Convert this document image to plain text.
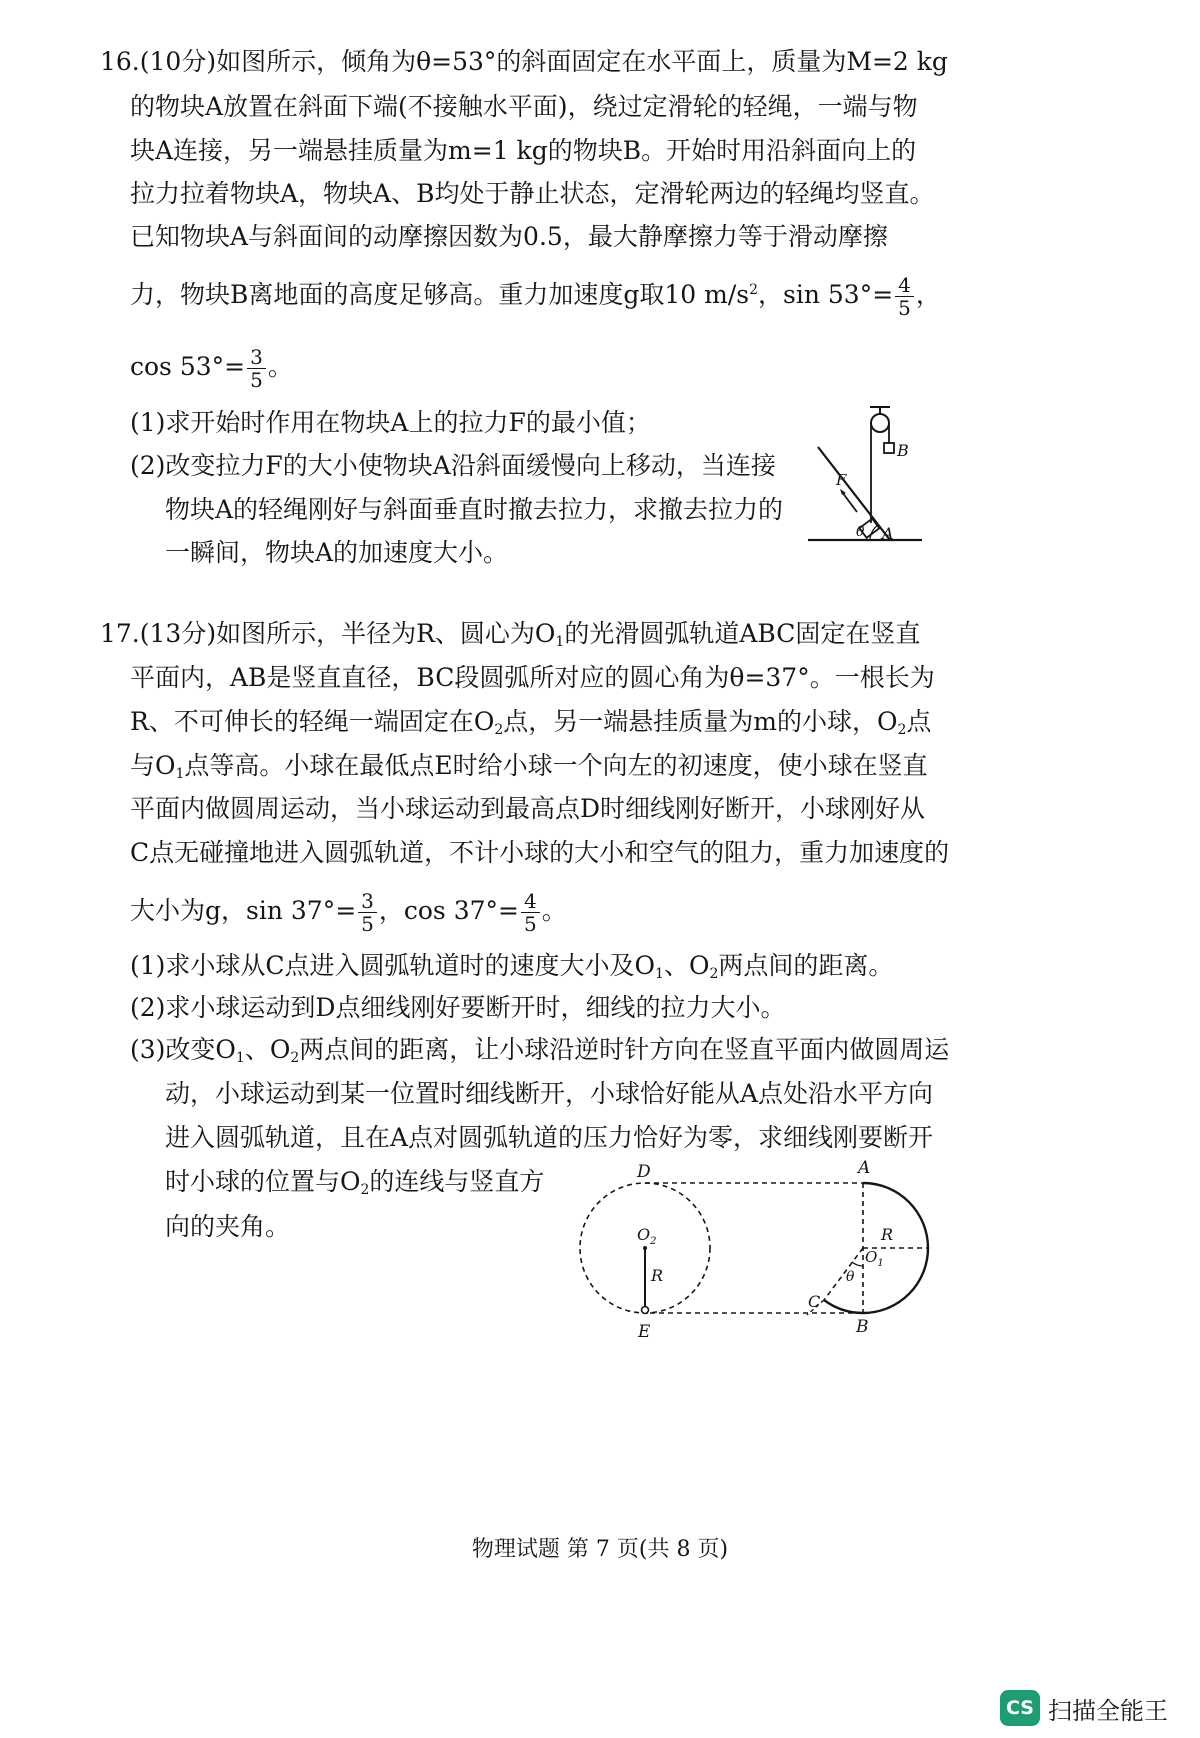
16.(10分)如图所示，倾角为θ=53°的斜面固定在水平面上，质量为M=2 kg
的物块A放置在斜面下端(不接触水平面)，绕过定滑轮的轻绳，一端与物
块A连接，另一端悬挂质量为m=1 kg的物块B。开始时用沿斜面向上的
拉力拉着物块A，物块A、B均处于静止状态，定滑轮两边的轻绳均竖直。
已知物块A与斜面间的动摩擦因数为0.5，最大静摩擦力等于滑动摩擦
力，物块B离地面的高度足够高。重力加速度g取10 $m/s^2$，$\sin 53^\circ= \frac{4}{5}$ ，
$\cos 53^\circ= \frac{3}{5}$ 。
(1)求开始时作用在物块A上的拉力F的最小值；
(2)改变拉力F的大小使物块A沿斜面缓慢向上移动，当连接
物块A的轻绳刚好与斜面垂直时撤去拉力，求撤去拉力的
一瞬间，物块A的加速度大小。
B
A
F
θ
17.(13分)如图所示，半径为R、圆心为$O_1$的光滑圆弧轨道ABC固定在竖直
平面内，AB是竖直直径，BC段圆弧所对应的圆心角为θ=37°。一根长为
R、不可伸长的轻绳一端固定在$O_2$点，另一端悬挂质量为m的小球，$O_2$点
与$O_1$点等高。小球在最低点E时给小球一个向左的初速度，使小球在竖直
平面内做圆周运动，当小球运动到最高点D时细线刚好断开，小球刚好从
C点无碰撞地进入圆弧轨道，不计小球的大小和空气的阻力，重力加速度的
大小为g，$\sin 37^\circ= \frac{3}{5}$ ，$\cos 37^\circ= \frac{4}{5}$ 。
(1)求小球从C点进入圆弧轨道时的速度大小及$O_1$、$O_2$两点间的距离。
(2)求小球运动到D点细线刚好要断开时，细线的拉力大小。
(3)改变$O_1$、$O_2$两点间的距离，让小球沿逆时针方向在竖直平面内做圆周运
动，小球运动到某一位置时细线断开，小球恰好能从A点处沿水平方向
进入圆弧轨道，且在A点对圆弧轨道的压力恰好为零，求细线刚要断开
时小球的位置与$O_2$的连线与竖直方
向的夹角。
D	A
$O_2$
R
E
R
$O_1$
θ
C
B
物理试题 第 7 页(共 8 页)
CS 扫描全能王
